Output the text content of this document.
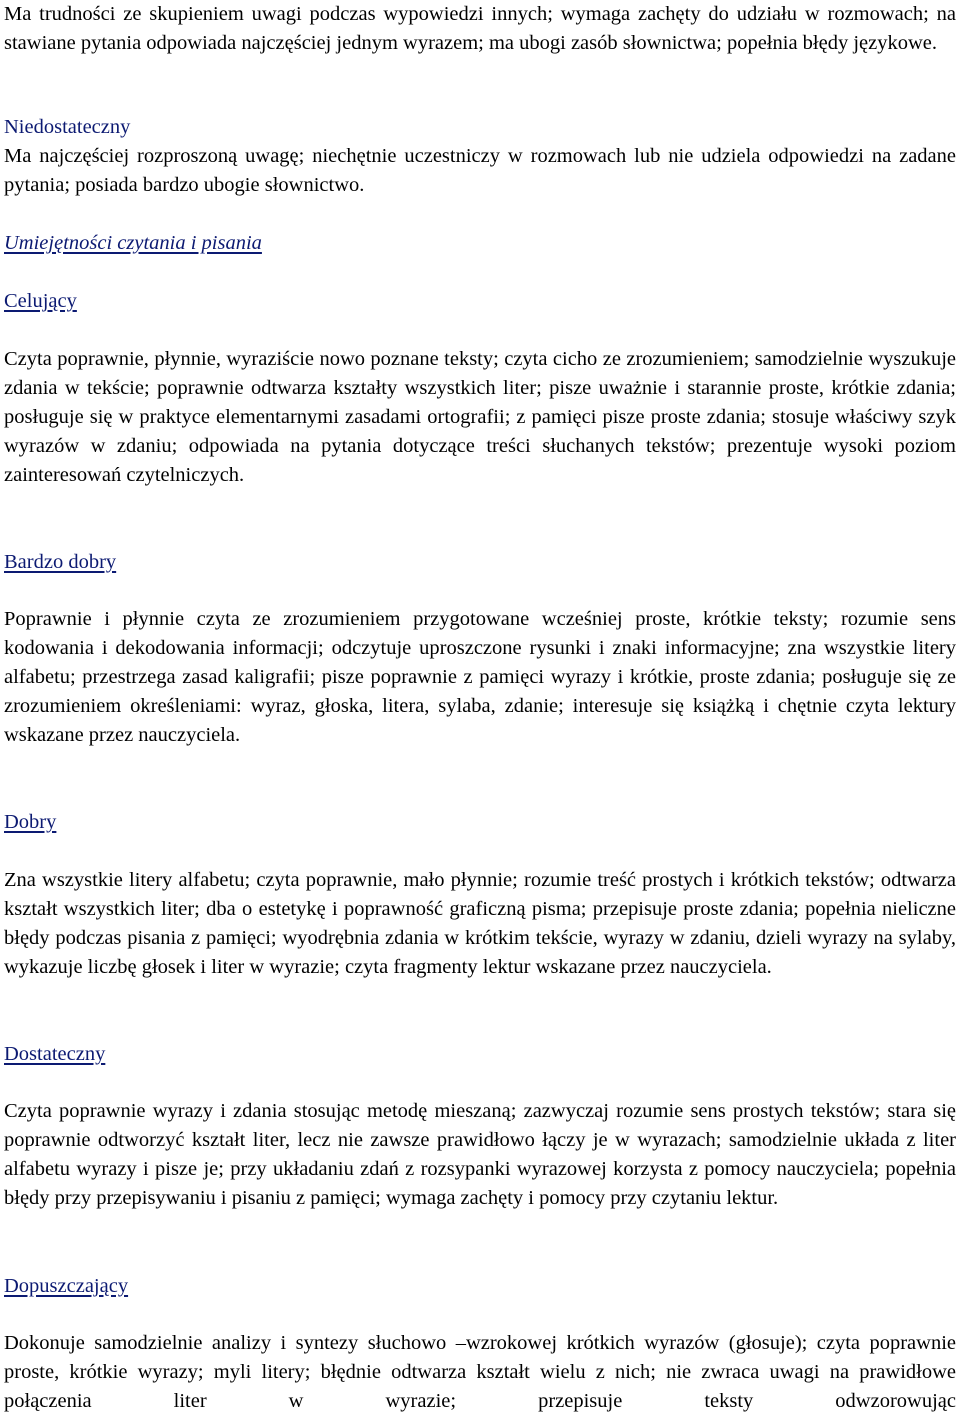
Ma trudności ze skupieniem uwagi podczas wypowiedzi innych; wymaga zachęty do udziału w rozmowach; na stawiane pytania odpowiada najczęściej jednym wyrazem; ma ubogi zasób słownictwa; popełnia błędy językowe.

Niedostateczny

Ma najczęściej rozproszoną uwagę; niechętnie uczestniczy w rozmowach lub nie udziela odpowiedzi na zadane pytania; posiada bardzo ubogie słownictwo.

Umiejętności czytania i pisania
Celujący

Czyta poprawnie, płynnie, wyraziście nowo poznane teksty; czyta cicho ze zrozumieniem; samodzielnie wyszukuje zdania w tekście; poprawnie odtwarza kształty wszystkich liter; pisze uważnie i starannie proste, krótkie zdania; posługuje się w praktyce elementarnymi zasadami ortografii; z pamięci pisze proste zdania; stosuje właściwy szyk wyrazów w zdaniu; odpowiada na pytania dotyczące treści słuchanych tekstów; prezentuje wysoki poziom zainteresowań czytelniczych.

Bardzo dobry

Poprawnie i płynnie czyta ze zrozumieniem przygotowane wcześniej proste, krótkie teksty; rozumie sens kodowania i dekodowania informacji; odczytuje uproszczone rysunki i znaki informacyjne; zna wszystkie litery alfabetu; przestrzega zasad kaligrafii; pisze poprawnie z pamięci wyrazy i krótkie, proste zdania; posługuje się ze zrozumieniem określeniami: wyraz, głoska, litera, sylaba, zdanie; interesuje się książką i chętnie czyta lektury wskazane przez nauczyciela.

Dobry

Zna wszystkie litery alfabetu; czyta poprawnie, mało płynnie; rozumie treść prostych i krótkich tekstów; odtwarza kształt wszystkich liter; dba o estetykę i poprawność graficzną pisma; przepisuje proste zdania; popełnia nieliczne błędy podczas pisania z pamięci; wyodrębnia zdania w krótkim tekście, wyrazy w zdaniu, dzieli wyrazy na sylaby, wykazuje liczbę głosek i liter w wyrazie; czyta fragmenty lektur wskazane przez nauczyciela.

Dostateczny

Czyta poprawnie wyrazy i zdania stosując metodę mieszaną; zazwyczaj rozumie sens prostych tekstów; stara się poprawnie odtworzyć kształt liter, lecz nie zawsze prawidłowo łączy je w wyrazach; samodzielnie układa z liter alfabetu wyrazy i pisze je; przy układaniu zdań z rozsypanki wyrazowej korzysta z pomocy nauczyciela; popełnia błędy przy przepisywaniu i pisaniu z pamięci; wymaga zachęty i pomocy przy czytaniu lektur.

Dopuszczający

Dokonuje samodzielnie analizy i syntezy słuchowo –wzrokowej krótkich wyrazów (głosuje); czyta poprawnie proste, krótkie wyrazy; myli litery; błędnie odtwarza kształt wielu z nich; nie zwraca uwagi na prawidłowe połączenia liter w wyrazie; przepisuje teksty odwzorowując
